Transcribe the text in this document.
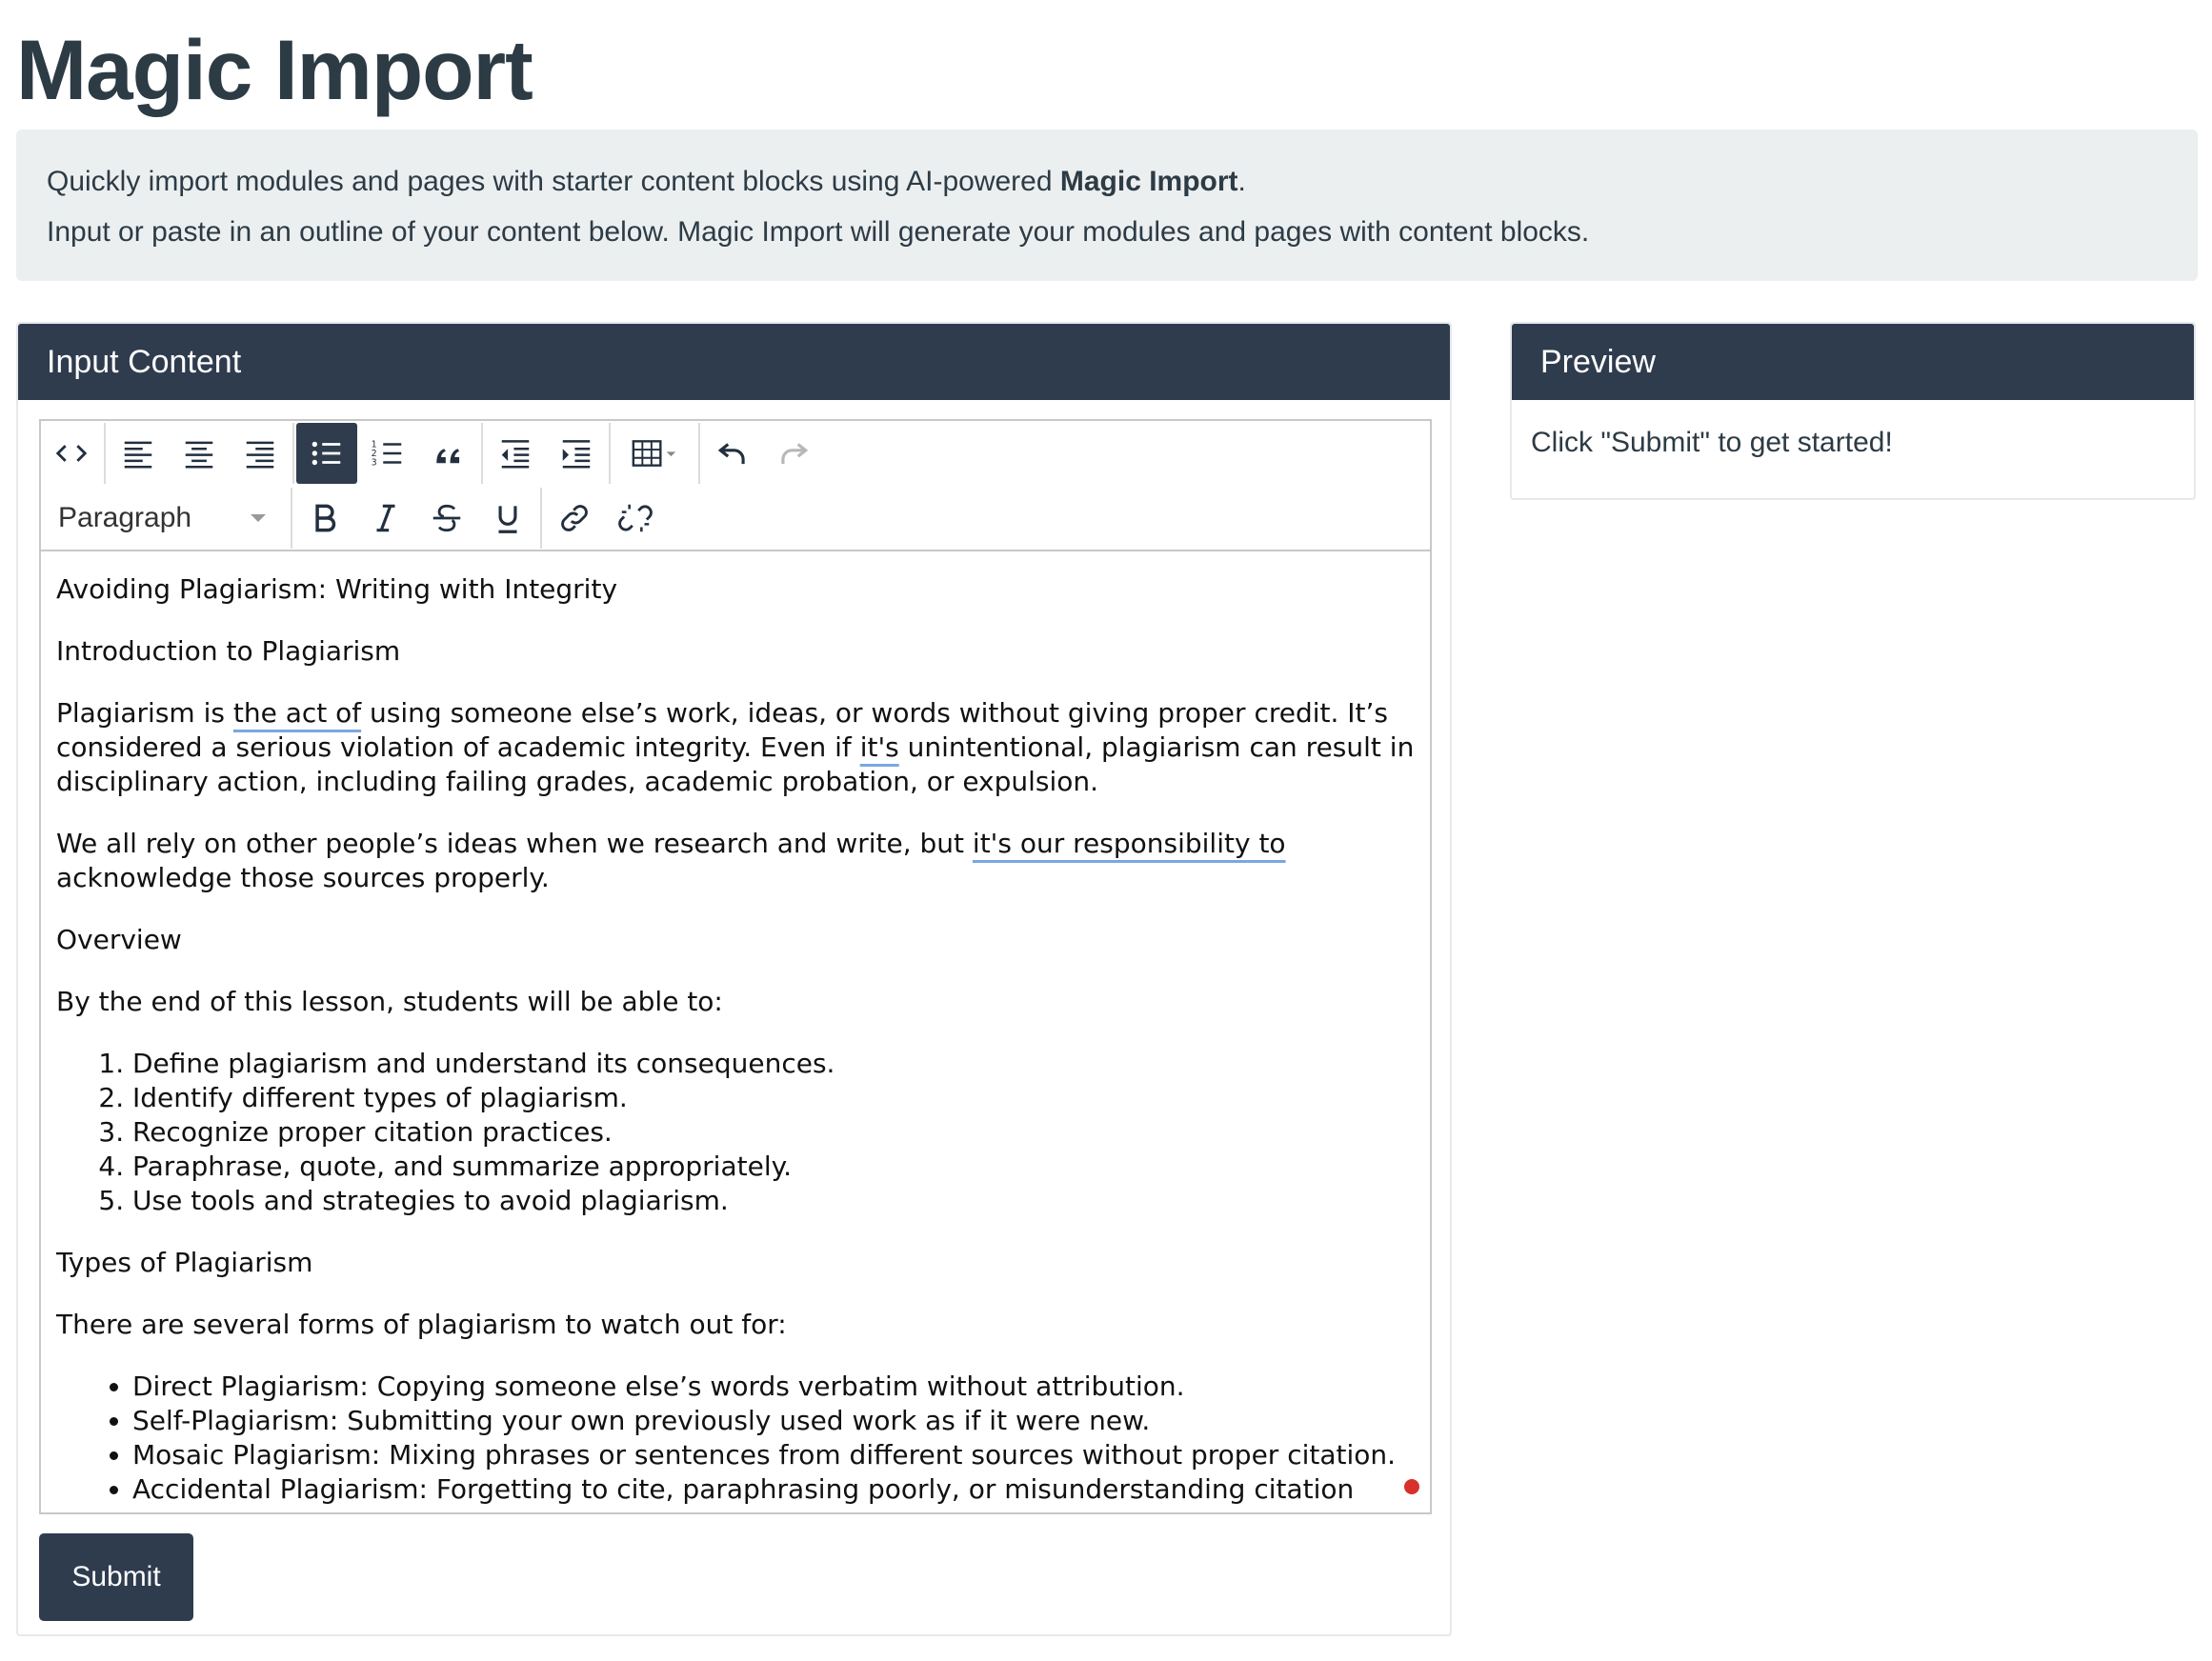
Magic Import

Quickly import modules and pages with starter content blocks using AI-powered Magic Import.

Input or paste in an outline of your content below. Magic Import will generate your modules and pages with content blocks.

Input Content
1
2
3
Paragraph

Avoiding Plagiarism: Writing with Integrity

Introduction to Plagiarism

Plagiarism is the act of using someone else’s work, ideas, or words without giving proper credit. It’s considered a serious violation of academic integrity. Even if it's unintentional, plagiarism can result in disciplinary action, including failing grades, academic probation, or expulsion.

We all rely on other people’s ideas when we research and write, but it's our responsibility to acknowledge those sources properly.

Overview

By the end of this lesson, students will be able to:

1. Define plagiarism and understand its consequences.
2. Identify different types of plagiarism.
3. Recognize proper citation practices.
4. Paraphrase, quote, and summarize appropriately.
5. Use tools and strategies to avoid plagiarism.

Types of Plagiarism

There are several forms of plagiarism to watch out for:

• Direct Plagiarism: Copying someone else’s words verbatim without attribution.
• Self-Plagiarism: Submitting your own previously used work as if it were new.
• Mosaic Plagiarism: Mixing phrases or sentences from different sources without proper citation.
• Accidental Plagiarism: Forgetting to cite, paraphrasing poorly, or misunderstanding citation
Submit
Preview
Click "Submit" to get started!
